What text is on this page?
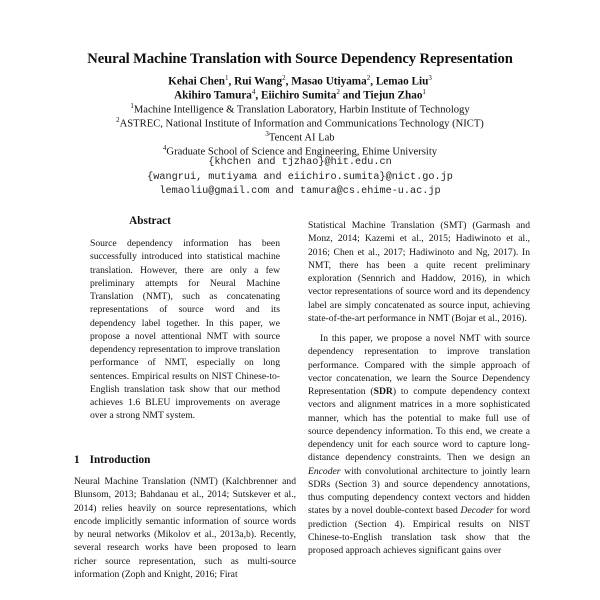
Neural Machine Translation with Source Dependency Representation
Kehai Chen$^1$, Rui Wang$^2$, Masao Utiyama$^2$, Lemao Liu$^3$
Akihiro Tamura$^4$, Eiichiro Sumita$^2$ and Tiejun Zhao$^1$
$^1$Machine Intelligence & Translation Laboratory, Harbin Institute of Technology
$^2$ASTREC, National Institute of Information and Communications Technology (NICT)
$^3$Tencent AI Lab
$^4$Graduate School of Science and Engineering, Ehime University
{khchen and tjzhao}@hit.edu.cn
{wangrui, mutiyama and eiichiro.sumita}@nict.go.jp
lemaoliu@gmail.com and tamura@cs.ehime-u.ac.jp
Abstract

Source dependency information has been successfully introduced into statistical machine translation. However, there are only a few preliminary attempts for Neural Machine Translation (NMT), such as concatenating representations of source word and its dependency label together. In this paper, we propose a novel attentional NMT with source dependency representation to improve translation performance of NMT, especially on long sentences. Empirical results on NIST Chinese-to-English translation task show that our method achieves 1.6 BLEU improvements on average over a strong NMT system.

1 Introduction

Neural Machine Translation (NMT) (Kalchbrenner and Blunsom, 2013; Bahdanau et al., 2014; Sutskever et al., 2014) relies heavily on source representations, which encode implicitly semantic information of source words by neural networks (Mikolov et al., 2013a,b). Recently, several research works have been proposed to learn richer source representation, such as multi-source information (Zoph and Knight, 2016; Firat

Statistical Machine Translation (SMT) (Garmash and Monz, 2014; Kazemi et al., 2015; Hadiwinoto et al., 2016; Chen et al., 2017; Hadiwinoto and Ng, 2017). In NMT, there has been a quite recent preliminary exploration (Sennrich and Haddow, 2016), in which vector representations of source word and its dependency label are simply concatenated as source input, achieving state-of-the-art performance in NMT (Bojar et al., 2016).

In this paper, we propose a novel NMT with source dependency representation to improve translation performance. Compared with the simple approach of vector concatenation, we learn the Source Dependency Representation (SDR) to compute dependency context vectors and alignment matrices in a more sophisticated manner, which has the potential to make full use of source dependency information. To this end, we create a dependency unit for each source word to capture long-distance dependency constraints. Then we design an Encoder with convolutional architecture to jointly learn SDRs (Section 3) and source dependency annotations, thus computing dependency context vectors and hidden states by a novel double-context based Decoder for word prediction (Section 4). Empirical results on NIST Chinese-to-English translation task show that the proposed approach achieves significant gains over
